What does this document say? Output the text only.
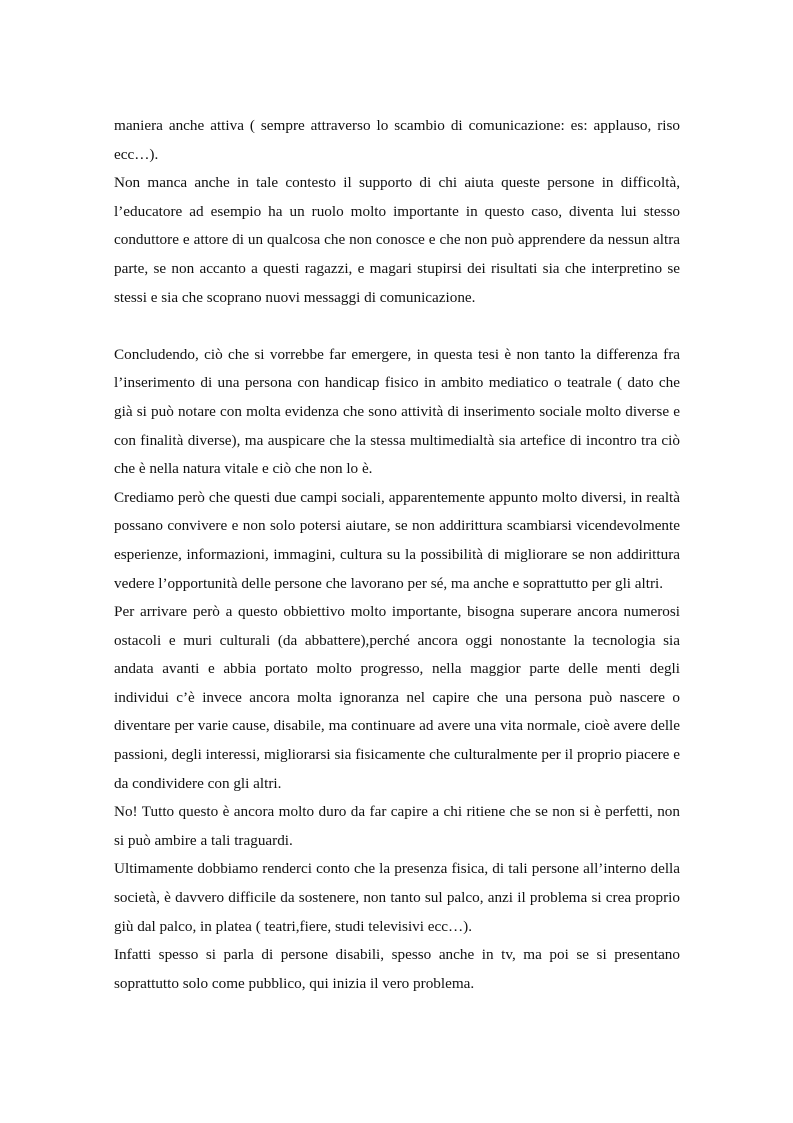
maniera anche attiva ( sempre attraverso lo scambio di comunicazione: es: applauso, riso ecc…).

Non manca anche in tale contesto il supporto di chi aiuta queste persone in difficoltà, l’educatore ad esempio ha un ruolo molto importante in questo caso, diventa lui stesso conduttore e attore di un qualcosa che non conosce e che non può apprendere da nessun altra parte, se non accanto a questi ragazzi, e magari stupirsi dei risultati sia che interpretino se stessi e sia che scoprano nuovi messaggi di comunicazione.

Concludendo, ciò che si vorrebbe far emergere, in questa tesi è non tanto la differenza fra l’inserimento di una persona con handicap fisico in ambito mediatico o teatrale ( dato che già si può notare con molta evidenza che sono attività di inserimento sociale molto diverse e con finalità diverse), ma auspicare che la stessa multimedialtà sia artefice di incontro tra ciò che è nella natura vitale e ciò che non lo è.

Crediamo però che questi due campi sociali, apparentemente appunto molto diversi, in realtà possano convivere e non solo potersi aiutare, se non addirittura scambiarsi vicendevolmente esperienze, informazioni, immagini, cultura su la possibilità di migliorare se non addirittura vedere l’opportunità delle persone che lavorano per sé, ma anche e soprattutto per gli altri.

Per arrivare però a questo obbiettivo molto importante, bisogna superare ancora numerosi ostacoli e muri culturali (da abbattere),perché ancora oggi nonostante la tecnologia sia andata avanti e abbia portato molto progresso, nella maggior parte delle menti degli individui c’è invece ancora molta ignoranza nel capire che una persona può nascere o diventare per varie cause, disabile, ma continuare ad avere una vita normale, cioè avere delle passioni, degli interessi, migliorarsi sia fisicamente che culturalmente per il proprio piacere e da condividere con gli altri.

No! Tutto questo è ancora molto duro da far capire a chi ritiene che se non si è perfetti, non si può ambire a tali traguardi.

Ultimamente dobbiamo renderci conto che la presenza fisica, di tali persone all’interno della società, è davvero difficile da sostenere, non tanto sul palco, anzi il problema si crea proprio giù dal palco, in platea ( teatri,fiere, studi televisivi ecc…).

Infatti spesso si parla di persone disabili, spesso anche in tv, ma poi se si presentano soprattutto solo come pubblico, qui inizia il vero problema.
